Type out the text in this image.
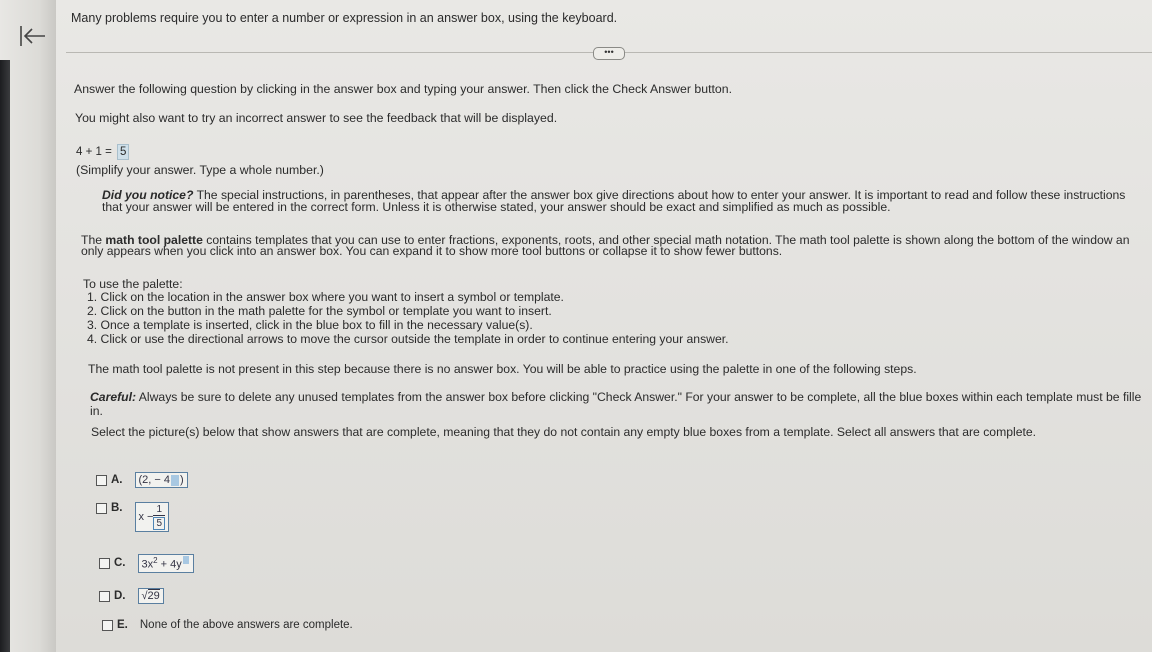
Many problems require you to enter a number or expression in an answer box, using the keyboard.
•••
Answer the following question by clicking in the answer box and typing your answer. Then click the Check Answer button.
You might also want to try an incorrect answer to see the feedback that will be displayed.
4 + 1 = 5
(Simplify your answer. Type a whole number.)
Did you notice? The special instructions, in parentheses, that appear after the answer box give directions about how to enter your answer. It is important to read and follow these instructions
that your answer will be entered in the correct form. Unless it is otherwise stated, your answer should be exact and simplified as much as possible.
The math tool palette contains templates that you can use to enter fractions, exponents, roots, and other special math notation. The math tool palette is shown along the bottom of the window an
only appears when you click into an answer box. You can expand it to show more tool buttons or collapse it to show fewer buttons.
To use the palette:
1. Click on the location in the answer box where you want to insert a symbol or template.
2. Click on the button in the math palette for the symbol or template you want to insert.
3. Once a template is inserted, click in the blue box to fill in the necessary value(s).
4. Click or use the directional arrows to move the cursor outside the template in order to continue entering your answer.
The math tool palette is not present in this step because there is no answer box. You will be able to practice using the palette in one of the following steps.
Careful: Always be sure to delete any unused templates from the answer box before clicking "Check Answer." For your answer to be complete, all the blue boxes within each template must be fille
in.
Select the picture(s) below that show answers that are complete, meaning that they do not contain any empty blue boxes from a template. Select all answers that are complete.
A. (2, − 4 )
$B.x - \frac{1}{5}$
C. $3x^2 + 4y$
D. √29
E. None of the above answers are complete.
